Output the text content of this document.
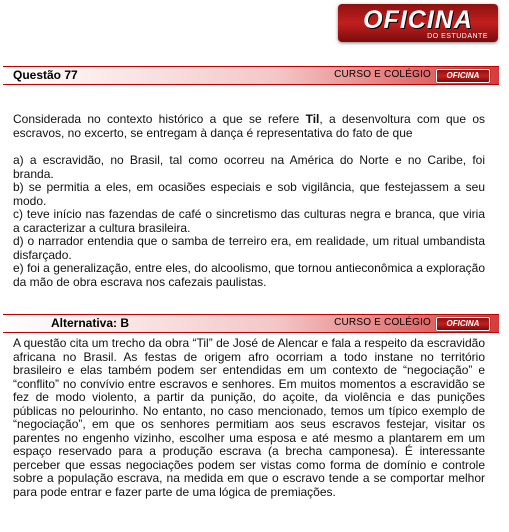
OFICINA
DO ESTUDANTE
Questão 77	CURSO E COLÉGIO	OFICINA

Considerada no contexto histórico a que se refere Til, a desenvoltura com que os escravos, no excerto, se entregam à dança é representativa do fato de que

a) a escravidão, no Brasil, tal como ocorreu na América do Norte e no Caribe, foi branda.

b) se permitia a eles, em ocasiões especiais e sob vigilância, que festejassem a seu modo.

c) teve início nas fazendas de café o sincretismo das culturas negra e branca, que viria a caracterizar a cultura brasileira.

d) o narrador entendia que o samba de terreiro era, em realidade, um ritual umbandista disfarçado.

e) foi a generalização, entre eles, do alcoolismo, que tornou antieconômica a exploração da mão de obra escrava nos cafezais paulistas.

Alternativa: B	CURSO E COLÉGIO	OFICINA

A questão cita um trecho da obra “Til” de José de Alencar e fala a respeito da escravidão africana no Brasil. As festas de origem afro ocorriam a todo instane no território brasileiro e elas também podem ser entendidas em um contexto de “negociação” e “conflito” no convívio entre escravos e senhores. Em muitos momentos a escravidão se fez de modo violento, a partir da punição, do açoite, da violência e das punições públicas no pelourinho. No entanto, no caso mencionado, temos um típico exemplo de “negociação”, em que os senhores permitiam aos seus escravos festejar, visitar os parentes no engenho vizinho, escolher uma esposa e até mesmo a plantarem em um espaço reservado para a produção escrava (a brecha camponesa). É interessante perceber que essas negociações podem ser vistas como forma de domínio e controle sobre a população escrava, na medida em que o escravo tende a se comportar melhor para pode entrar e fazer parte de uma lógica de premiações.
